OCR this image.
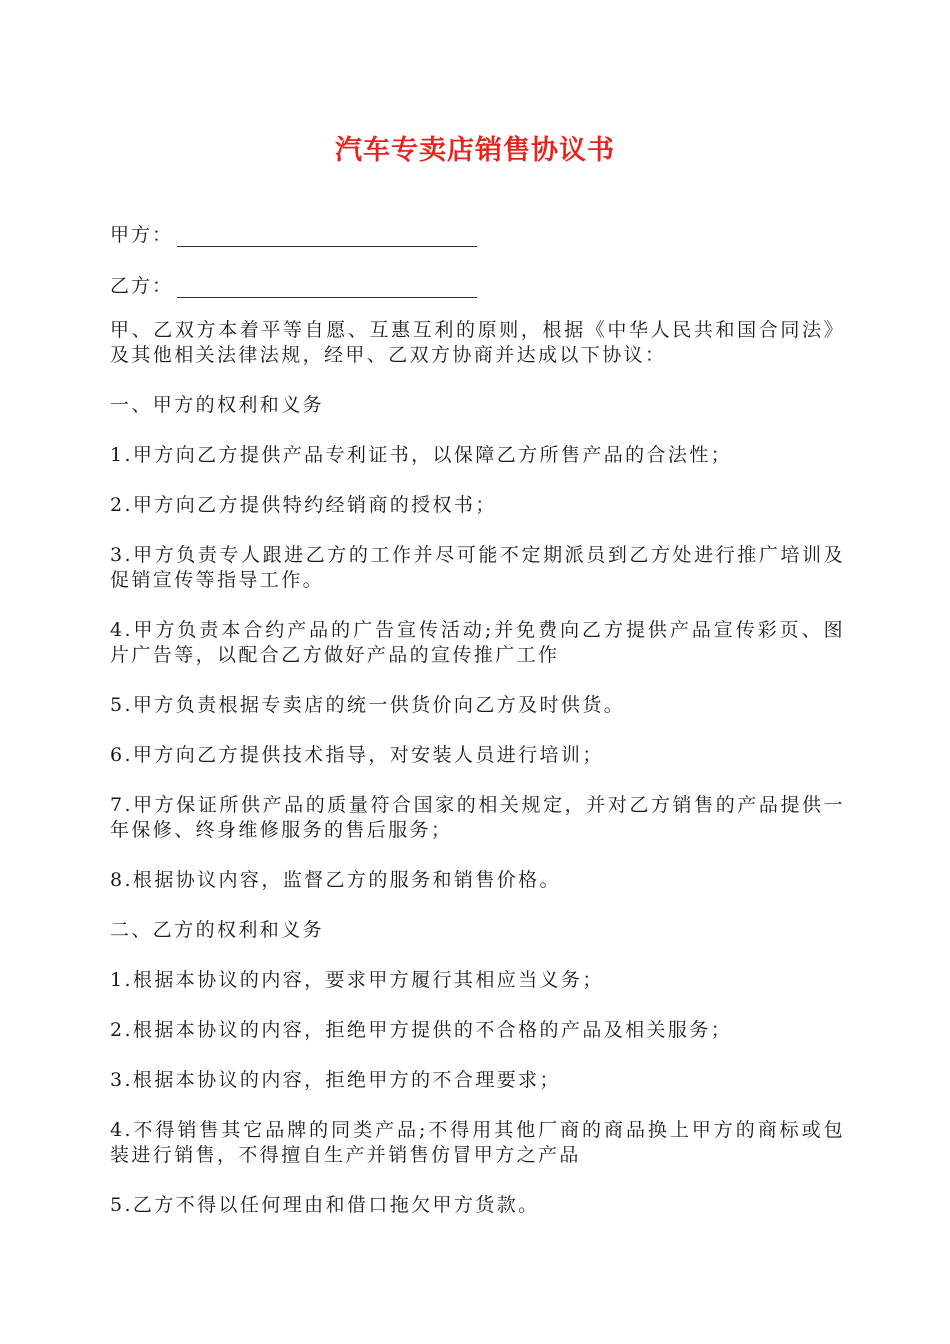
汽车专卖店销售协议书
甲方：
乙方：

甲、乙双方本着平等自愿、互惠互利的原则，根据《中华人民共和国合同法》及其他相关法律法规，经甲、乙双方协商并达成以下协议：

一、甲方的权利和义务

1.甲方向乙方提供产品专利证书，以保障乙方所售产品的合法性；

2.甲方向乙方提供特约经销商的授权书；

3.甲方负责专人跟进乙方的工作并尽可能不定期派员到乙方处进行推广培训及促销宣传等指导工作。

4.甲方负责本合约产品的广告宣传活动;并免费向乙方提供产品宣传彩页、图片广告等，以配合乙方做好产品的宣传推广工作

5.甲方负责根据专卖店的统一供货价向乙方及时供货。

6.甲方向乙方提供技术指导，对安装人员进行培训；

7.甲方保证所供产品的质量符合国家的相关规定，并对乙方销售的产品提供一年保修、终身维修服务的售后服务；

8.根据协议内容，监督乙方的服务和销售价格。

二、乙方的权利和义务

1.根据本协议的内容，要求甲方履行其相应当义务；

2.根据本协议的内容，拒绝甲方提供的不合格的产品及相关服务；

3.根据本协议的内容，拒绝甲方的不合理要求；

4.不得销售其它品牌的同类产品;不得用其他厂商的商品换上甲方的商标或包装进行销售，不得擅自生产并销售仿冒甲方之产品

5.乙方不得以任何理由和借口拖欠甲方货款。
